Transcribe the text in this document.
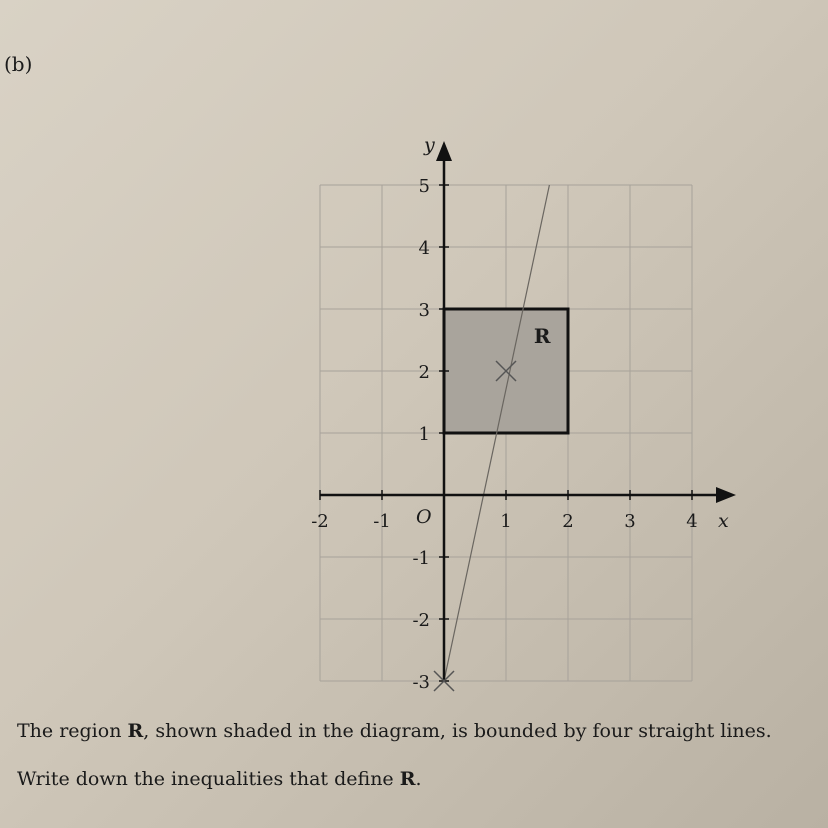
(b)
R
x
y
O
-2 -1	1	2	3	4
5
4
3
2
1
-1
-2
-3
The region R, shown shaded in the diagram, is bounded by four straight lines.
Write down the inequalities that define R.
